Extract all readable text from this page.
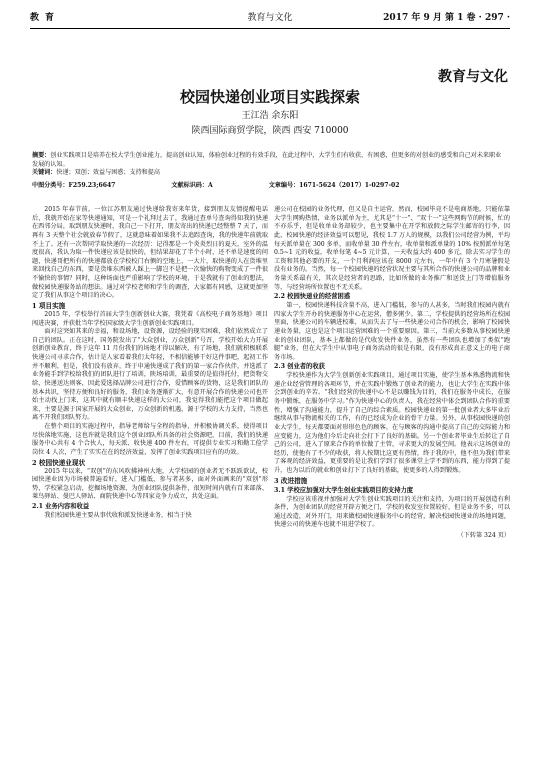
教育	教育与文化	2017 年 9 月 第 1 卷 · 297 ·
教育与文化
校园快递创业项目实践探索
王江浩 余东阳
陕西国际商贸学院，陕西 西安 710000
摘要：创业实践项目是培养在校大学生创业能力，提高创业认知，体验创业过程的有效手段，在此过程中，大学生们有收获、有困惑，但更多的对创业的感受和自己对未来职业发展的认知。
关键词：快递；双创；效益与困惑；支持和提高
中图分类号：F259.23;6647	文献标识码：A	文章编号：1671-5624（2017）1-0297-02

2015 年春节前，一位江苏朋友通过快递给我寄来年货，接到朋友友情提醒电话后，我就开始在家等快递通知，可是一个礼拜过去了，我通过查单号查询得知我的快递在西邻分局，取到朋友快递时，我自己一下打开，朋友寄出的快递已经整整 7 天了，而再有 3 天整个社会就放春节假了，这就意味着如果我不去追踪查询，我的快递年前就取不上了。还有一次帮同学取快递的一次经历：记得那是一个炎炎烈日的夏天，室外的温度很高，我认为取一件快递应该是很快的，但结果却花了半个小时，还不单是速度的问题，快递哥把所有的快递都放在学校校门右侧的空地上，一大片，取快递的人在货堆里来回找自己的东西，要是货堆东西被人踩上一脚岂不是把一次愉快的购物变成了一件很不愉快的事情？同时，这种场面也严重影响了学校的环境，于是我就有了创业的想法，做校园快递服务站的想法。通过对学校老师和学生的调查，大家都有同感，这就更加坚定了我们从事这个项目的决心。

1 项目实施

2015 年，学校举行首届大学生创新创业大赛，我凭着《高校电子商务基地》项目闯进决赛，并获批当年学校国家级大学生创新创业实践项目。

面对这突如其来的幸福，和设场地，设资源，设经验的现实困难，我们依然成立了自己的团队。正在这时，国务院发出了“大众创业，万众创新”号召，学校开始大力开展创新创业教育，终于这年 11 月份我们的场地才得以解决，有了场地，我们就积极联系快递公司寻求合作，估计是人家看着我们太年轻，不相信能够干好这件事吧，起初工作并不顺利，但是，我们没有放弃，终于申通快递成了我们的第一家合作伙伴，并选派了业务能手到学校给我们的团队进行了培训，陕场培训，最重要的是值得托付，把货物交给，快递送达则客，因此爱选择品牌公司进行合作，爱惜顾客的货物，这是我们团队的基本共识，坚持方便和良好的服务，我们业务逐渐扩大，有意开展合作的快递公司也开始主动找上门来，这其中就有顺丰快递这样的大公司，我觉得我们能把这个项目做起来，主要是源于国家开展的大众创业，万众创新的机遇，源于学校的大力支持，当然也离不开我们团队努力。

在整个项目的实施过程中，指导老师给与全程的指导，并积极协调关系，使得项目尽快落地实施，这也许就是我们这个创业团队所具备的社会资源吧，目前，我们的快递服务中心共有 4 个合伙人，每天派、收快递 400 件左右，可提供专业实习和勤工俭学岗位 4 人次，产生了实实在在的经济效益，发挥了创业实践项目应有的功效。

2 校园快递业现状

2015 年以来，“双创”的东风吹拂神州大地，大学校园的创业者无不跃跃欲试，校园快递业因为市场被普遍看好，进入门槛低，参与者甚多，面对外面画来的“双创”形势，学校紧急启动，挖掘场地资源，为创业团队提供条件，很短时间内就有百来部落、莱鸟驿站、曼巴人驿站、商院快递中心等四家竞争力成立，共处这面。

2.1 业务内容和收益

我们校园快递主要从事代收和派发快递业务，相当于快

递公司在校园的业务代理，但又是自主运营，然而，校园毕竟不是电商基地，只能依靠大学生网购热情，业务以派单为主，尤其是“十一”、“双十一”这些网购节的时候，忙的不亦乐乎，但是收单业务却较少，也主要集中在开学和放假之际学生邮寄的行李，因此，校园快递的经济效益可以想见，我校 1.7 万人的规模，以我们公司经营为例，平均每天派单量在 300 多单，而收单量 30 件左右，收单量和派单量的 10% 按照派单每笔 0.5~1 元的收益，收单每笔 4~5 元计算，一天收益大约 400 多元，除去实习学生的工资和其他必要的开支，一个月利润应该在 8000 元左右，一年中有 3 个月寒暑假是没有业务的。当然，每一个校园快递的经营状况主要与其所合作的快递公司的品牌和业务量关系最有关，其次是经营者的思路，比如所做的业务推广和送货上门等增值服务等，与经营场所位置也不无关系。

2.2 校园快递业的经营困惑

第一，校园快递科技含量不高，进入门槛低，参与的人甚多，当时我们校园内就有四家大学生开办的快递服务中心在运营，僧多粥少。第二，学校提供的经营场所在校园里面，快递公司的车辆进校难，从而失去了与一些快递公司合作的机会，影响了校园快递业务量，这也是这个项目运营困难的一个重要原因。第三，当前大多数从事校园快递业的创业团队，基本上都做的是代收发快件业务，虽然有一些团队也增加了类似“跑腿”业务，但在大学生中从事电子商务活动的很是有限，没有形成真正意义上的电子商务市场。

2.3 创业者的收获

学校快递作为大学生创新创业实践项目，通过项目实施，使学生基本熟悉物流和快递企业经营管理的各项环节，并在实践中锻炼了创业者的能力，也让大学生在实践中体会到创业的辛苦。“我们经营的快递中心不是以赚钱为目的，我们在服务中成长，在服务中锻炼，在服务中学习。”作为快递中心的负责人，我在经营中体会到团队合作的重要性，增强了沟通能力，提升了自己的综合素质。校园快递业的第一批创业者大多毕业后继续从事与物流相关的工作，有的已经成为企业的骨干力量。另外，从事校园快递的创业大学生，每天都要面对形形色色的顾客，在与顾客的沟通中提高了自己的交际能力和应变能力，这为他们今后走向社会打下了良好的基础。另一个创业者毕业生后转让了自己的公司，进入了原来合作的单位做了主管，寻求更大的发展空间。他表示这场创业的经历，使他有了不少的收获，将人按期比这更有热情，终于我的中，他不但为我们带来了客观的经济效益，更重要的是让我们学到了很多课堂上学不到的东西，能力得到了提升，也为以后的就业和创业打下了良好的基础，使更多的人得到锻炼。

3 改进措施
3.1 学校应加强对大学生创业实践项目的支持力度

学校应该重视并加强对大学生创业实践项目的关注和支持，为项目的开展创造有利条件，为创业团队的经营开辟方便之门，学校的收发室位置较好，但是业务不多，可以通过改造，对外开门，用来做校园快递服务中心的经营，解决校园快递业的场地问题，快递公司的快递车也就不用进学校了。

（下转第 324 页）
